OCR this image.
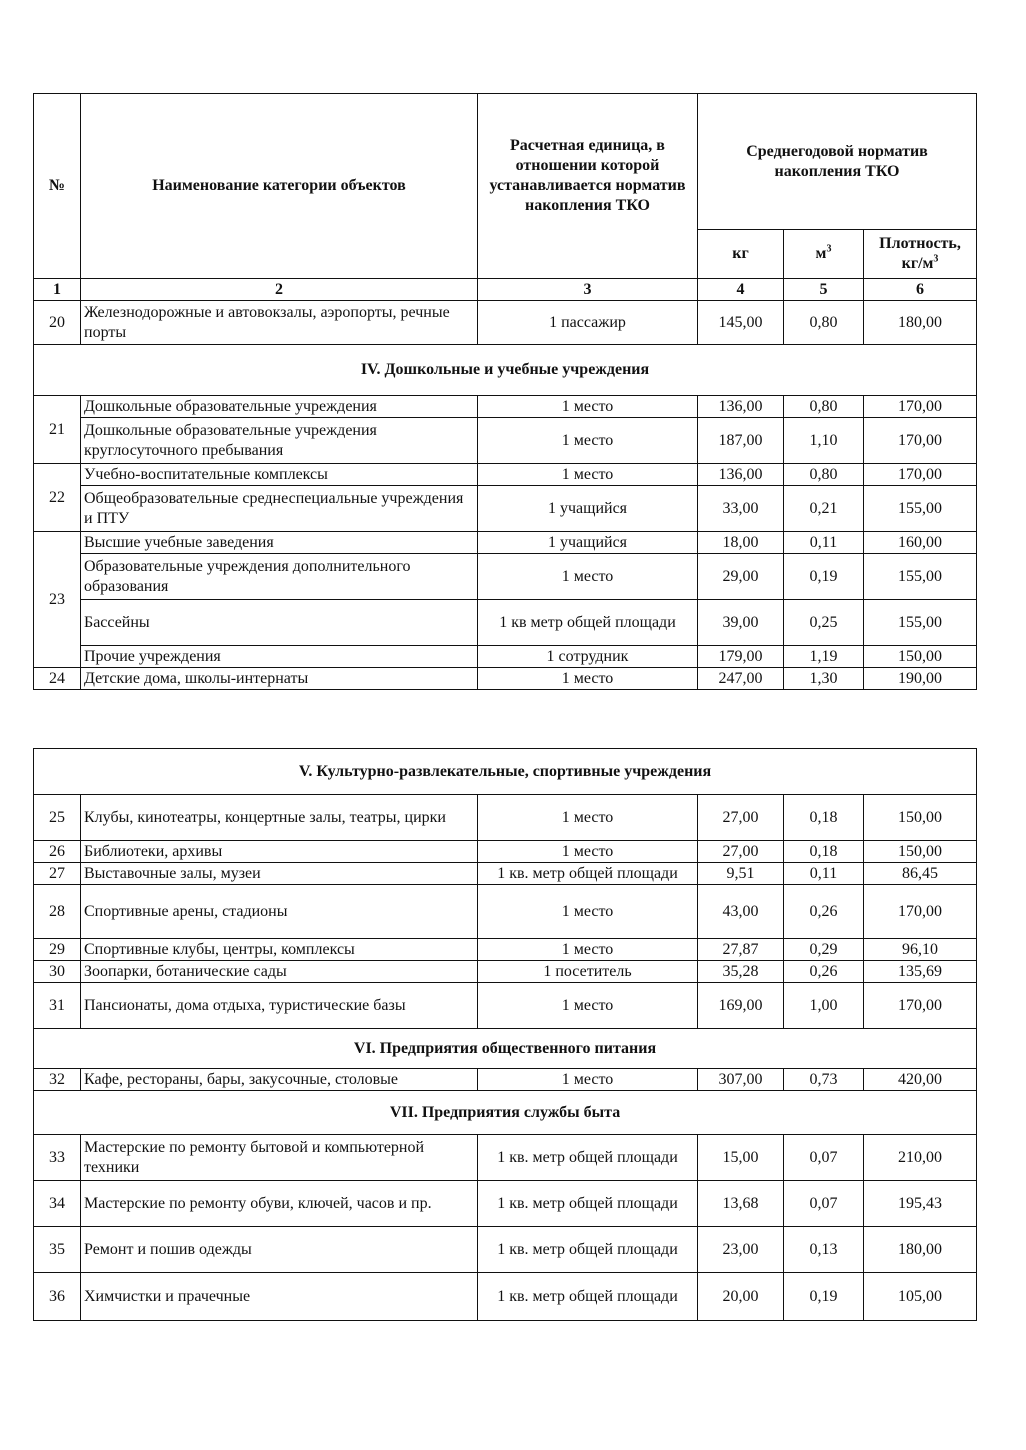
№	Наименование категории объектов	Расчетная единица, в отношении которой устанавливается норматив накопления ТКО	Среднегодовой норматив накопления ТКО		
			кг	$м^3$	Плотность, $кг/м^3$
1	2	3	4	5	6
20	Железнодорожные и автовокзалы, аэропорты, речные порты	1 пассажир	145,00	0,80	180,00
IV. Дошкольные и учебные учреждения					
21	Дошкольные образовательные учреждения	1 место	136,00	0,80	170,00
	Дошкольные образовательные учреждения круглосуточного пребывания	1 место	187,00	1,10	170,00
22	Учебно-воспитательные комплексы	1 место	136,00	0,80	170,00
	Общеобразовательные среднеспециальные учреждения и ПТУ	1 учащийся	33,00	0,21	155,00
23	Высшие учебные заведения	1 учащийся	18,00	0,11	160,00
	Образовательные учреждения дополнительного образования	1 место	29,00	0,19	155,00
	Бассейны	1 кв метр общей площади	39,00	0,25	155,00
	Прочие учреждения	1 сотрудник	179,00	1,19	150,00
24	Детские дома, школы-интернаты	1 место	247,00	1,30	190,00
V. Культурно-развлекательные, спортивные учреждения					
25	Клубы, кинотеатры, концертные залы, театры, цирки	1 место	27,00	0,18	150,00
26	Библиотеки, архивы	1 место	27,00	0,18	150,00
27	Выставочные залы, музеи	1 кв. метр общей площади	9,51	0,11	86,45
28	Спортивные арены, стадионы	1 место	43,00	0,26	170,00
29	Спортивные клубы, центры, комплексы	1 место	27,87	0,29	96,10
30	Зоопарки, ботанические сады	1 посетитель	35,28	0,26	135,69
31	Пансионаты, дома отдыха, туристические базы	1 место	169,00	1,00	170,00
VI. Предприятия общественного питания					
32	Кафе, рестораны, бары, закусочные, столовые	1 место	307,00	0,73	420,00
VII. Предприятия службы быта					
33	Мастерские по ремонту бытовой и компьютерной техники	1 кв. метр общей площади	15,00	0,07	210,00
34	Мастерские по ремонту обуви, ключей, часов и пр.	1 кв. метр общей площади	13,68	0,07	195,43
35	Ремонт и пошив одежды	1 кв. метр общей площади	23,00	0,13	180,00
36	Химчистки и прачечные	1 кв. метр общей площади	20,00	0,19	105,00
